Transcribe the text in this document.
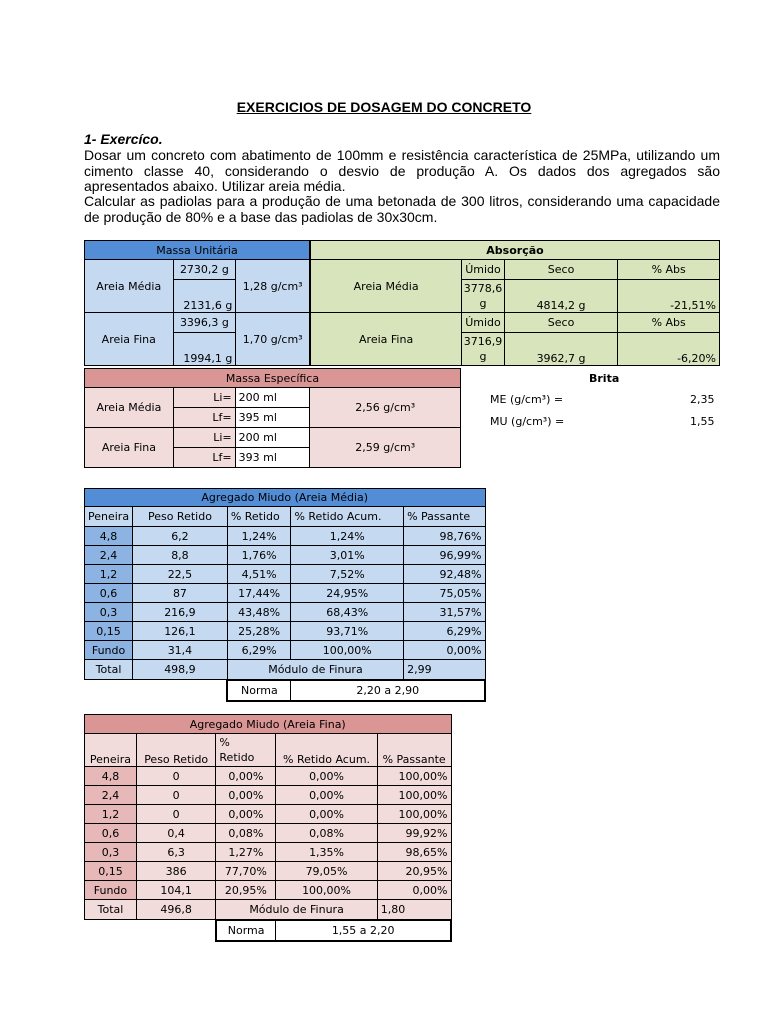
EXERCICIOS DE DOSAGEM DO CONCRETO
1- Exercíco.
Dosar um concreto com abatimento de 100mm e resistência característica de 25MPa, utilizando um
cimento classe 40, considerando o desvio de produção A. Os dados dos agregados são
apresentados abaixo. Utilizar areia média.
Calcular as padiolas para a produção de uma betonada de 300 litros, considerando uma capacidade
de produção de 80% e a base das padiolas de 30x30cm.
Massa Unitária		
Areia Média	2730,2 g	1,28 g/cm³
	2131,6 g	
Areia Fina	3396,3 g	1,70 g/cm³
	1994,1 g	
Absorção			
Areia Média	Úmido	Seco	% Abs
	3778,6 g	4814,2 g	-21,51%
Areia Fina	Úmido	Seco	% Abs
	3716,9 g	3962,7 g	-6,20%
Massa Específica			
Areia Média	Li=	200 ml	2,56 g/cm³
	Lf=	395 ml	
Areia Fina	Li=	200 ml	2,59 g/cm³
	Lf=	393 ml	
Brita
ME (g/cm³) =	2,35
MU (g/cm³) =	1,55
Agregado Miudo (Areia Média)				
Peneira	Peso Retido	% Retido	% Retido Acum.	% Passante
4,8	6,2	1,24%	1,24%	98,76%
2,4	8,8	1,76%	3,01%	96,99%
1,2	22,5	4,51%	7,52%	92,48%
0,6	87	17,44%	24,95%	75,05%
0,3	216,9	43,48%	68,43%	31,57%
0,15	126,1	25,28%	93,71%	6,29%
Fundo	31,4	6,29%	100,00%	0,00%
Total	498,9	Módulo de Finura		2,99
		Norma	2,20 a 2,90	
Agregado Miudo (Areia Fina)				
Peneira	Peso Retido	% Retido	% Retido Acum.	% Passante
4,8	0	0,00%	0,00%	100,00%
2,4	0	0,00%	0,00%	100,00%
1,2	0	0,00%	0,00%	100,00%
0,6	0,4	0,08%	0,08%	99,92%
0,3	6,3	1,27%	1,35%	98,65%
0,15	386	77,70%	79,05%	20,95%
Fundo	104,1	20,95%	100,00%	0,00%
Total	496,8	Módulo de Finura		1,80
		Norma	1,55 a 2,20	
